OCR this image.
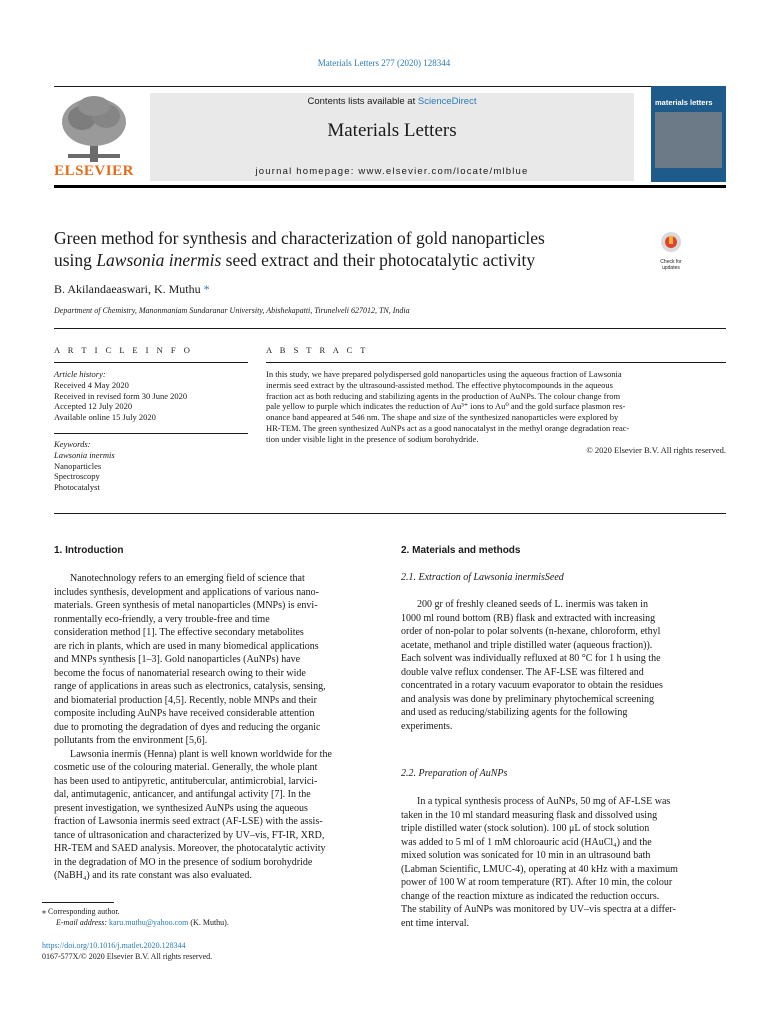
Materials Letters 277 (2020) 128344
ELSEVIER
Contents lists available at ScienceDirect
Materials Letters
journal homepage: www.elsevier.com/locate/mlblue
materials letters
Green method for synthesis and characterization of gold nanoparticles
using Lawsonia inermis seed extract and their photocatalytic activity	Check for updates
B. Akilandaeaswari, K. Muthu *
Department of Chemistry, Manonmaniam Sundaranar University, Abishekapatti, Tirunelveli 627012, TN, India
A R T I C L E I N F O
Article history:
Received 4 May 2020
Received in revised form 30 June 2020
Accepted 12 July 2020
Available online 15 July 2020
Keywords:
Lawsonia inermis
Nanoparticles
Spectroscopy
Photocatalyst
A B S T R A C T
In this study, we have prepared polydispersed gold nanoparticles using the aqueous fraction of Lawsonia
inermis seed extract by the ultrasound-assisted method. The effective phytocompounds in the aqueous
fraction act as both reducing and stabilizing agents in the production of AuNPs. The colour change from
pale yellow to purple which indicates the reduction of Au³⁺ ions to Au⁰ and the gold surface plasmon res-
onance band appeared at 546 nm. The shape and size of the synthesized nanoparticles were explored by
HR-TEM. The green synthesized AuNPs act as a good nanocatalyst in the methyl orange degradation reac-
tion under visible light in the presence of sodium borohydride.
© 2020 Elsevier B.V. All rights reserved.
1. Introduction
Nanotechnology refers to an emerging field of science that
includes synthesis, development and applications of various nano-
materials. Green synthesis of metal nanoparticles (MNPs) is envi-
ronmentally eco-friendly, a very trouble-free and time
consideration method [1]. The effective secondary metabolites
are rich in plants, which are used in many biomedical applications
and MNPs synthesis [1–3]. Gold nanoparticles (AuNPs) have
become the focus of nanomaterial research owing to their wide
range of applications in areas such as electronics, catalysis, sensing,
and biomaterial production [4,5]. Recently, noble MNPs and their
composite including AuNPs have received considerable attention
due to promoting the degradation of dyes and reducing the organic
pollutants from the environment [5,6].
Lawsonia inermis (Henna) plant is well known worldwide for the
cosmetic use of the colouring material. Generally, the whole plant
has been used to antipyretic, antitubercular, antimicrobial, larvici-
dal, antimutagenic, anticancer, and antifungal activity [7]. In the
present investigation, we synthesized AuNPs using the aqueous
fraction of Lawsonia inermis seed extract (AF-LSE) with the assis-
tance of ultrasonication and characterized by UV–vis, FT-IR, XRD,
HR-TEM and SAED analysis. Moreover, the photocatalytic activity
in the degradation of MO in the presence of sodium borohydride
(NaBH₄) and its rate constant was also evaluated.
⁎ Corresponding author.
E-mail address: karu.muthu@yahoo.com (K. Muthu).
https://doi.org/10.1016/j.matlet.2020.128344
0167-577X/© 2020 Elsevier B.V. All rights reserved.
2. Materials and methods
2.1. Extraction of Lawsonia inermisSeed
200 gr of freshly cleaned seeds of L. inermis was taken in
1000 ml round bottom (RB) flask and extracted with increasing
order of non-polar to polar solvents (n-hexane, chloroform, ethyl
acetate, methanol and triple distilled water (aqueous fraction)).
Each solvent was individually refluxed at 80 °C for 1 h using the
double valve reflux condenser. The AF-LSE was filtered and
concentrated in a rotary vacuum evaporator to obtain the residues
and analysis was done by preliminary phytochemical screening
and used as reducing/stabilizing agents for the following
experiments.
2.2. Preparation of AuNPs
In a typical synthesis process of AuNPs, 50 mg of AF-LSE was
taken in the 10 ml standard measuring flask and dissolved using
triple distilled water (stock solution). 100 μL of stock solution
was added to 5 ml of 1 mM chloroauric acid (HAuCl₄) and the
mixed solution was sonicated for 10 min in an ultrasound bath
(Labman Scientific, LMUC-4), operating at 40 kHz with a maximum
power of 100 W at room temperature (RT). After 10 min, the colour
change of the reaction mixture as indicated the reduction occurs.
The stability of AuNPs was monitored by UV–vis spectra at a differ-
ent time interval.
